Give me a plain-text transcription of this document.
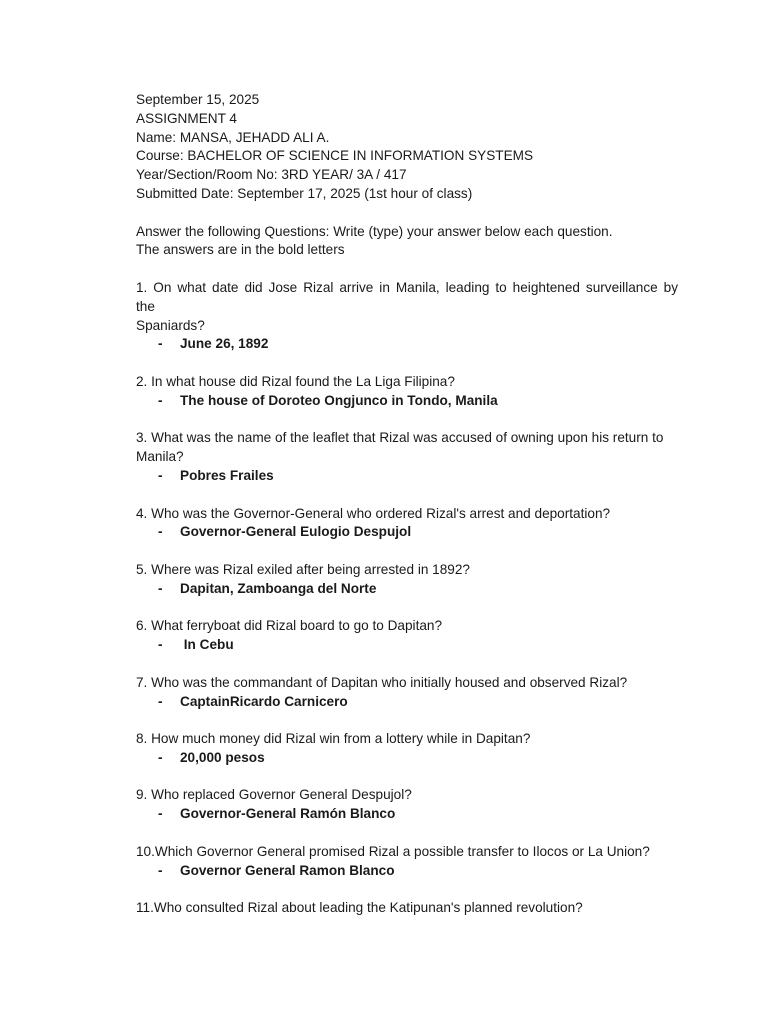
September 15, 2025
ASSIGNMENT 4
Name: MANSA, JEHADD ALI A.
Course: BACHELOR OF SCIENCE IN INFORMATION SYSTEMS
Year/Section/Room No: 3RD YEAR/ 3A / 417
Submitted Date: September 17, 2025 (1st hour of class)
Answer the following Questions: Write (type) your answer below each question.
The answers are in the bold letters
1. On what date did Jose Rizal arrive in Manila, leading to heightened surveillance by
the
Spaniards?
-	June 26, 1892
2. In what house did Rizal found the La Liga Filipina?
-	The house of Doroteo Ongjunco in Tondo, Manila
3. What was the name of the leaflet that Rizal was accused of owning upon his return to
Manila?
-	Pobres Frailes
4. Who was the Governor-General who ordered Rizal's arrest and deportation?
-	Governor-General Eulogio Despujol
5. Where was Rizal exiled after being arrested in 1892?
-	Dapitan, Zamboanga del Norte
6. What ferryboat did Rizal board to go to Dapitan?
-	In Cebu
7. Who was the commandant of Dapitan who initially housed and observed Rizal?
-	CaptainRicardo Carnicero
8. How much money did Rizal win from a lottery while in Dapitan?
-	20,000 pesos
9. Who replaced Governor General Despujol?
-	Governor-General Ramón Blanco
10.Which Governor General promised Rizal a possible transfer to Ilocos or La Union?
-	Governor General Ramon Blanco
11.Who consulted Rizal about leading the Katipunan's planned revolution?
